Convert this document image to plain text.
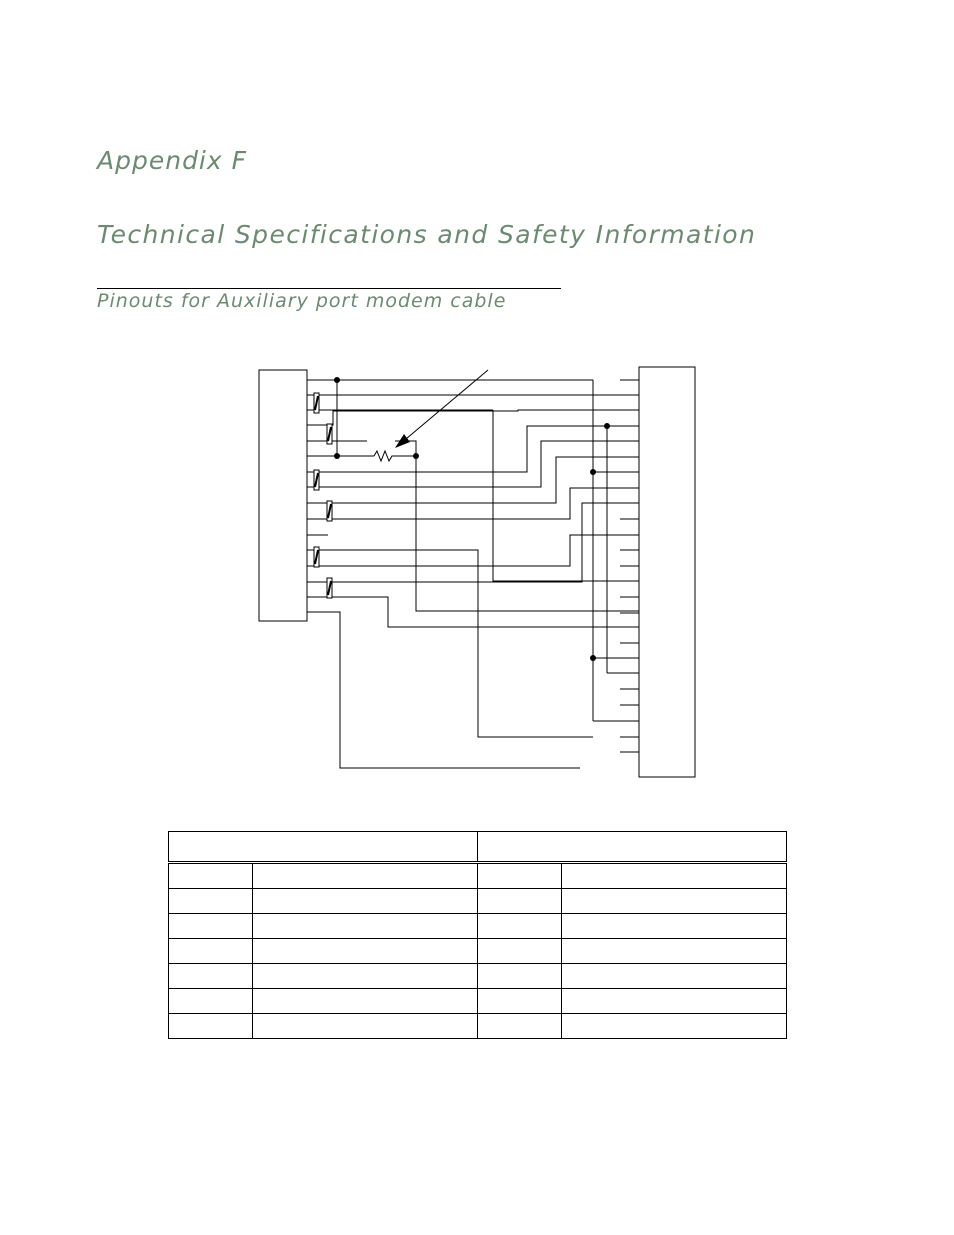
Appendix F
Technical Specifications and Safety Information
Pinouts for Auxiliary port modem cable
